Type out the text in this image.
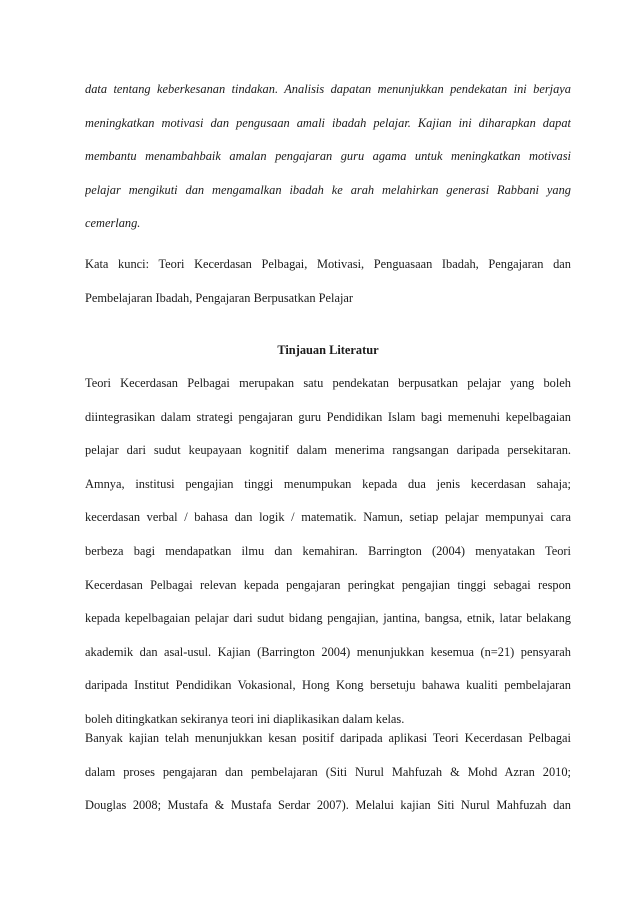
data tentang keberkesanan tindakan. Analisis dapatan menunjukkan pendekatan ini berjaya
meningkatkan motivasi dan pengusaan amali ibadah pelajar. Kajian ini diharapkan dapat
membantu menambahbaik amalan pengajaran guru agama untuk meningkatkan motivasi
pelajar mengikuti dan mengamalkan ibadah ke arah melahirkan generasi Rabbani yang
cemerlang.
Kata kunci: Teori Kecerdasan Pelbagai, Motivasi, Penguasaan Ibadah, Pengajaran dan
Pembelajaran Ibadah, Pengajaran Berpusatkan Pelajar
Tinjauan Literatur
Teori Kecerdasan Pelbagai merupakan satu pendekatan berpusatkan pelajar yang boleh
diintegrasikan dalam strategi pengajaran guru Pendidikan Islam bagi memenuhi kepelbagaian
pelajar dari sudut keupayaan kognitif dalam menerima rangsangan daripada persekitaran.
Amnya, institusi pengajian tinggi menumpukan kepada dua jenis kecerdasan sahaja;
kecerdasan verbal / bahasa dan logik / matematik. Namun, setiap pelajar mempunyai cara
berbeza bagi mendapatkan ilmu dan kemahiran. Barrington (2004) menyatakan Teori
Kecerdasan Pelbagai relevan kepada pengajaran peringkat pengajian tinggi sebagai respon
kepada kepelbagaian pelajar dari sudut bidang pengajian, jantina, bangsa, etnik, latar belakang
akademik dan asal-usul. Kajian (Barrington 2004) menunjukkan kesemua (n=21) pensyarah
daripada Institut Pendidikan Vokasional, Hong Kong bersetuju bahawa kualiti pembelajaran
boleh ditingkatkan sekiranya teori ini diaplikasikan dalam kelas.
Banyak kajian telah menunjukkan kesan positif daripada aplikasi Teori Kecerdasan Pelbagai
dalam proses pengajaran dan pembelajaran (Siti Nurul Mahfuzah & Mohd Azran 2010;
Douglas 2008; Mustafa & Mustafa Serdar 2007). Melalui kajian Siti Nurul Mahfuzah dan
